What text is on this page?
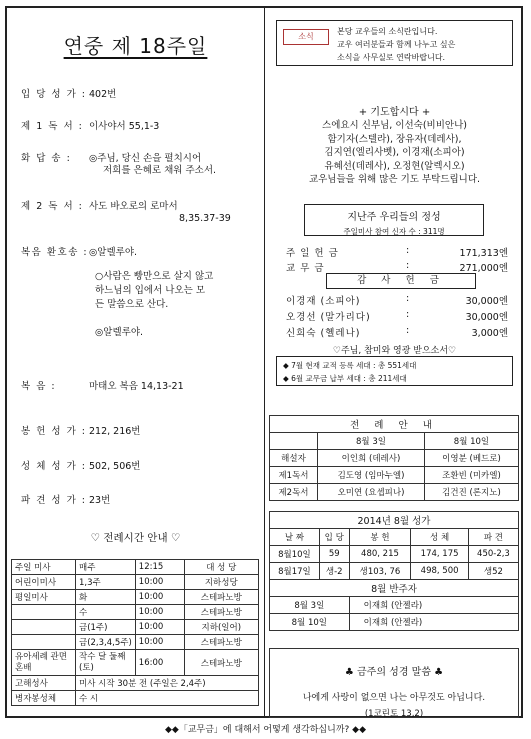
연중 제 18주일
입 당 성 가 : 402번
제 1 독 서 : 이사야서 55,1-3
화 답 송 : ◎주님, 당신 손을 펼치시어
저희를 은혜로 채워 주소서.
제 2 독 서 : 사도 바오로의 로마서
8,35.37-39
복음 환호송 :◎알렐루야.
○사람은 빵만으로 살지 않고
하느님의 입에서 나오는 모
든 말씀으로 산다.
◎알렐루야.
복 음 :	마태오 복음 14,13-21
봉 헌 성 가 : 212, 216번
성 체 성 가 : 502, 506번
파 견 성 가 : 23번
♡ 전례시간 안내 ♡
주일 미사	매주	12:15	대 성 당
어린이미사	1,3주	10:00	지하성당
평일미사	화	10:00	스테파노방
	수	10:00	스테파노방
	금(1주)	10:00	지하(일어)
	금(2,3,4,5주)	10:00	스테파노방
유아세례 관면혼배	작수 달 둘째 (토)	16:00	스테파노방
고해성사	미사 시작 30분 전 (주일은 2,4주)		
병자봉성체	수 시		
소식
본당 교우들의 소식란입니다.
교우 여러분들과 함께 나누고 싶은
소식을 사무실로 연락바랍니다.
+ 기도합시다 +
스에요시 신부님, 이선숙(비비안나)
함기자(스텔라), 장유자(데레사),
김지연(엘리사벳), 이경재(소피아)
유혜선(데레사), 오정현(알렉시오)
교우님들을 위해 많은 기도 부탁드립니다.
지난주 우리들의 정성
주일미사 참여 신자 수 : 311명
주 일 헌 금	:	171,313엔
교 무 금	:	271,000엔
감 사 헌 금
이경재 (소피아)	:	30,000엔
오경선 (말가리다)	:	30,000엔
신희숙 (헬레나)	:	3,000엔
♡주님, 참미와 영광 받으소서♡
◆ 7월 현재 교적 등록 세대 : 총 551세대
◆ 6월 교무금 납부 세대 : 총 211세대
전 례 안 내		
	8월 3일	8월 10일
해설자	이인희 (데레사)	이영분 (베드로)
제1독서	김도영 (임마누엘)	조환빈 (미카엘)
제2독서	오미연 (요셉피나)	김건진 (론지노)
2014년 8월 성가				
날 짜	입 당	봉 헌	성 체	파 견
8월10일	59	480, 215	174, 175	450-2,3
8월17일	생-2	생103, 76	498, 500	생52
8월 반주자				
8월 3일		이재희 (안젤라)		
8월 10일		이재희 (안젤라)		
♣ 금주의 성경 말씀 ♣
나에게 사랑이 없으면 나는 아무것도 아닙니다.
(1코린토 13,2)
◆◆「교무금」에 대해서 어떻게 생각하십니까? ◆◆
